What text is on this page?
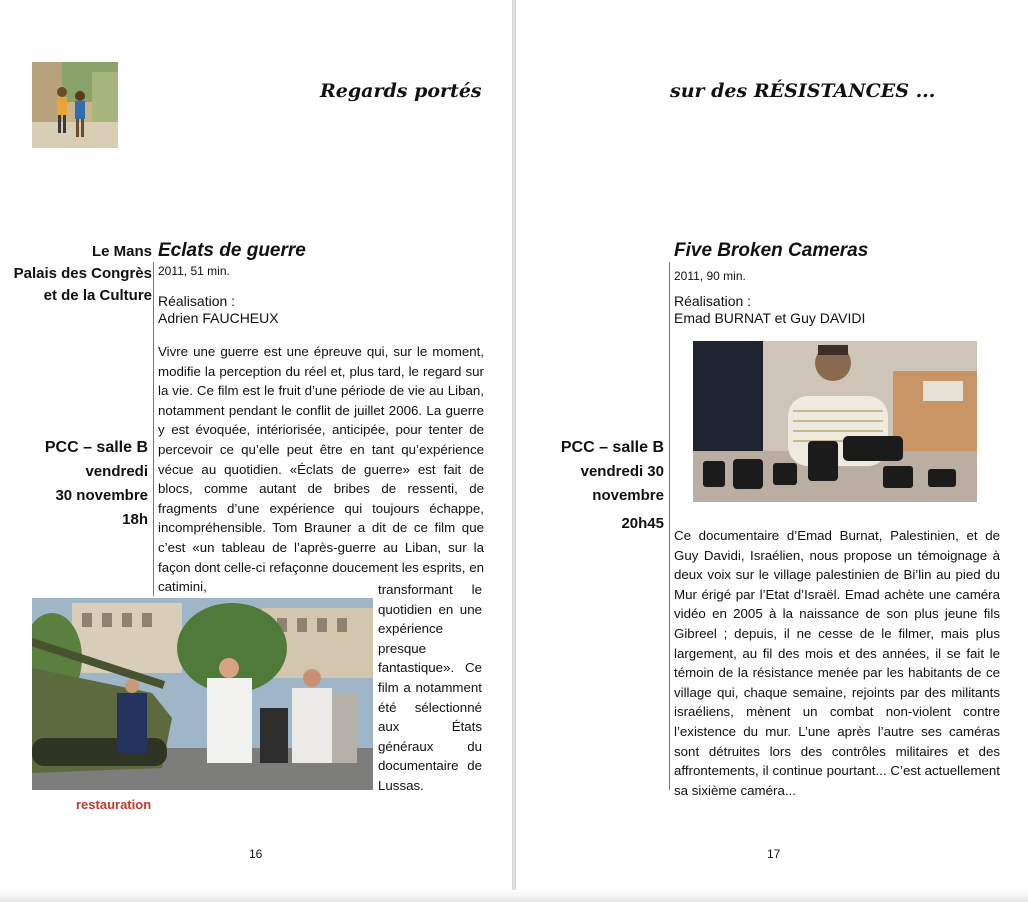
Regards portés
Le Mans
Palais des Congrès
et de la Culture
Eclats de guerre
2011, 51 min.
Réalisation :
Adrien FAUCHEUX
PCC – salle B
vendredi
30 novembre
18h

Vivre une guerre est une épreuve qui, sur le moment, modifie la perception du réel et, plus tard, le regard sur la vie. Ce film est le fruit d’une période de vie au Liban, notamment pendant le conflit de juillet 2006. La guerre y est évoquée, intériorisée, anticipée, pour tenter de percevoir ce qu’elle peut être en tant qu’expérience vécue au quotidien. «Éclats de guerre» est fait de blocs, comme autant de bribes de ressenti, de fragments d’une expérience qui toujours échappe, incompréhensible. Tom Brauner a dit de ce film que c’est «un tableau de l’après-guerre au Liban, sur la façon dont celle-ci refaçonne doucement les esprits, en catimini,	transformant le quotidien en une expérience presque fantastique». Ce film a notamment été sélectionné aux États généraux du documentaire de Lussas.

restauration
16
sur des RÉSISTANCES ...
Five Broken Cameras
2011, 90 min.
Réalisation :
Emad BURNAT et Guy DAVIDI
PCC – salle B
vendredi 30
novembre
20h45

Ce documentaire d’Emad Burnat, Palestinien, et de Guy Davidi, Israélien, nous propose un témoignage à deux voix sur le village palestinien de Bi’lin au pied du Mur érigé par l’Etat d’Israël. Emad achète une caméra vidéo en 2005 à la naissance de son plus jeune fils Gibreel ; depuis, il ne cesse de le filmer, mais plus largement, au fil des mois et des années, il se fait le témoin de la résistance menée par les habitants de ce village qui, chaque semaine, rejoints par des militants israéliens, mènent un combat non-violent contre l’existence du mur. L’une après l’autre ses caméras sont détruites lors des contrôles militaires et des affrontements, il continue pourtant... C’est actuellement sa sixième caméra...

17
